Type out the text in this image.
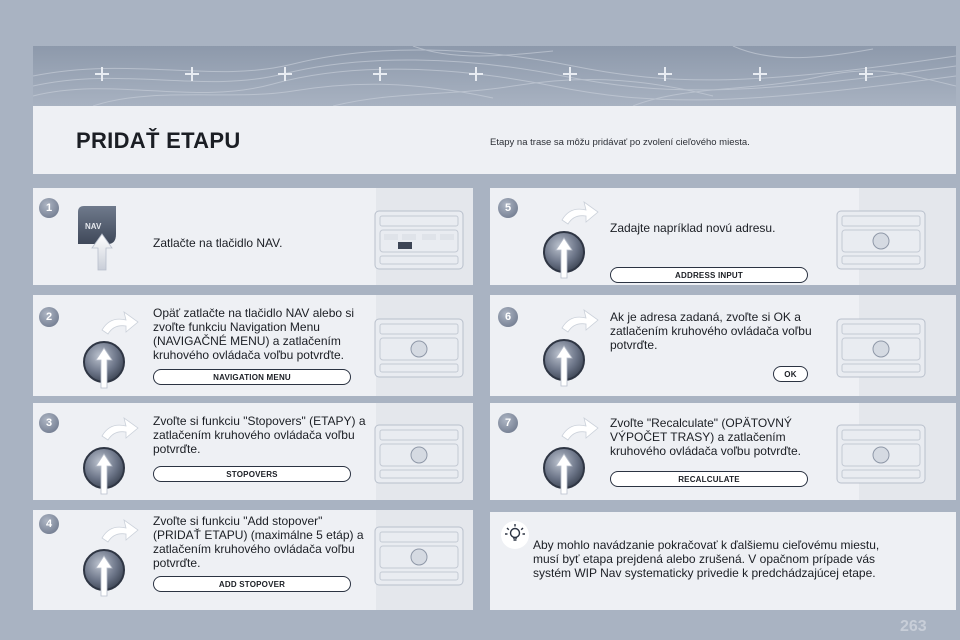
PRIDAŤ ETAPU	Etapy na trase sa môžu pridávať po zvolení cieľového miesta.
1
2
3
4
5
6
7
NAV
Zatlačte na tlačidlo NAV.
Opäť zatlačte na tlačidlo NAV alebo si zvoľte funkciu Navigation Menu (NAVIGAČNÉ MENU) a zatlačením kruhového ovládača voľbu potvrďte.
Zvoľte si funkciu "Stopovers" (ETAPY) a zatlačením kruhového ovládača voľbu potvrďte.
Zvoľte si funkciu "Add stopover" (PRIDAŤ ETAPU) (maximálne 5 etáp) a zatlačením kruhového ovládača voľbu potvrďte.
Zadajte napríklad novú adresu.
Ak je adresa zadaná, zvoľte si OK a zatlačením kruhového ovládača voľbu potvrďte.
Zvoľte "Recalculate" (OPÄTOVNÝ VÝPOČET TRASY) a zatlačením kruhového ovládača voľbu potvrďte.
NAVIGATION MENU
STOPOVERS
ADD STOPOVER
ADDRESS INPUT
OK
RECALCULATE
Aby mohlo navádzanie pokračovať k ďalšiemu cieľovému miestu, musí byť etapa prejdená alebo zrušená. V opačnom prípade vás systém WIP Nav systematicky privedie k predchádzajúcej etape.
263
